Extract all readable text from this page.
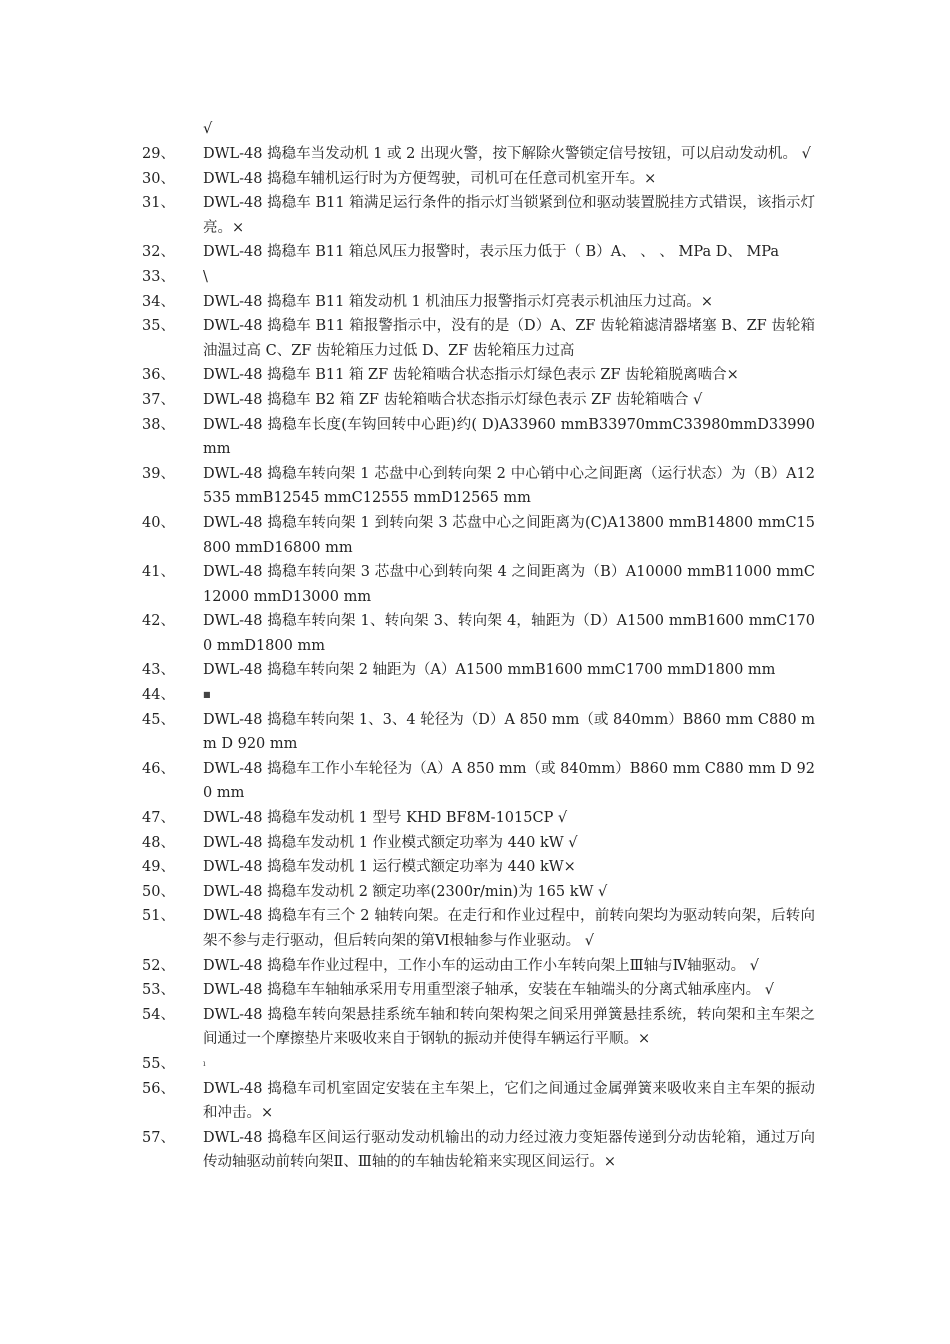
√
29、	DWL-48 捣稳车当发动机 1 或 2 出现火警，按下解除火警锁定信号按钮，可以启动发动机。 √
30、	DWL-48 捣稳车辅机运行时为方便驾驶，司机可在任意司机室开车。×
31、	DWL-48 捣稳车 B11 箱满足运行条件的指示灯当锁紧到位和驱动装置脱挂方式错误，该指示灯亮。×
32、	DWL-48 捣稳车 B11 箱总风压力报警时，表示压力低于（ B）A、 、 、 MPa D、 MPa
33、	\
34、	DWL-48 捣稳车 B11 箱发动机 1 机油压力报警指示灯亮表示机油压力过高。×
35、	DWL-48 捣稳车 B11 箱报警指示中，没有的是（D）A、ZF 齿轮箱滤清器堵塞 B、ZF 齿轮箱油温过高 C、ZF 齿轮箱压力过低 D、ZF 齿轮箱压力过高
36、	DWL-48 捣稳车 B11 箱 ZF 齿轮箱啮合状态指示灯绿色表示 ZF 齿轮箱脱离啮合×
37、	DWL-48 捣稳车 B2 箱 ZF 齿轮箱啮合状态指示灯绿色表示 ZF 齿轮箱啮合 √
38、	DWL-48 捣稳车长度(车钩回转中心距)约( D)A33960 mmB33970mmC33980mmD33990mm
39、	DWL-48 捣稳车转向架 1 芯盘中心到转向架 2 中心销中心之间距离（运行状态）为（B）A12535 mmB12545 mmC12555 mmD12565 mm
40、	DWL-48 捣稳车转向架 1 到转向架 3 芯盘中心之间距离为(C)A13800 mmB14800 mmC15800 mmD16800 mm
41、	DWL-48 捣稳车转向架 3 芯盘中心到转向架 4 之间距离为（B）A10000 mmB11000 mmC12000 mmD13000 mm
42、	DWL-48 捣稳车转向架 1、转向架 3、转向架 4，轴距为（D）A1500 mmB1600 mmC1700 mmD1800 mm
43、	DWL-48 捣稳车转向架 2 轴距为（A）A1500 mmB1600 mmC1700 mmD1800 mm
44、	■
45、	DWL-48 捣稳车转向架 1、3、4 轮径为（D）A 850 mm（或 840mm）B860 mm C880 mm D 920 mm
46、	DWL-48 捣稳车工作小车轮径为（A）A 850 mm（或 840mm）B860 mm C880 mm D 920 mm
47、	DWL-48 捣稳车发动机 1 型号 KHD BF8M-1015CP √
48、	DWL-48 捣稳车发动机 1 作业模式额定功率为 440 kW √
49、	DWL-48 捣稳车发动机 1 运行模式额定功率为 440 kW×
50、	DWL-48 捣稳车发动机 2 额定功率(2300r/min)为 165 kW √
51、	DWL-48 捣稳车有三个 2 轴转向架。在走行和作业过程中，前转向架均为驱动转向架，后转向架不参与走行驱动，但后转向架的第Ⅵ根轴参与作业驱动。 √
52、	DWL-48 捣稳车作业过程中，工作小车的运动由工作小车转向架上Ⅲ轴与Ⅳ轴驱动。 √
53、	DWL-48 捣稳车车轴轴承采用专用重型滚子轴承，安装在车轴端头的分离式轴承座内。 √
54、	DWL-48 捣稳车转向架悬挂系统车轴和转向架构架之间采用弹簧悬挂系统，转向架和主车架之间通过一个摩擦垫片来吸收来自于钢轨的振动并使得车辆运行平顺。×
55、	ı
56、	DWL-48 捣稳车司机室固定安装在主车架上，它们之间通过金属弹簧来吸收来自主车架的振动和冲击。×
57、	DWL-48 捣稳车区间运行驱动发动机输出的动力经过液力变矩器传递到分动齿轮箱，通过万向传动轴驱动前转向架Ⅱ、Ⅲ轴的的车轴齿轮箱来实现区间运行。×
